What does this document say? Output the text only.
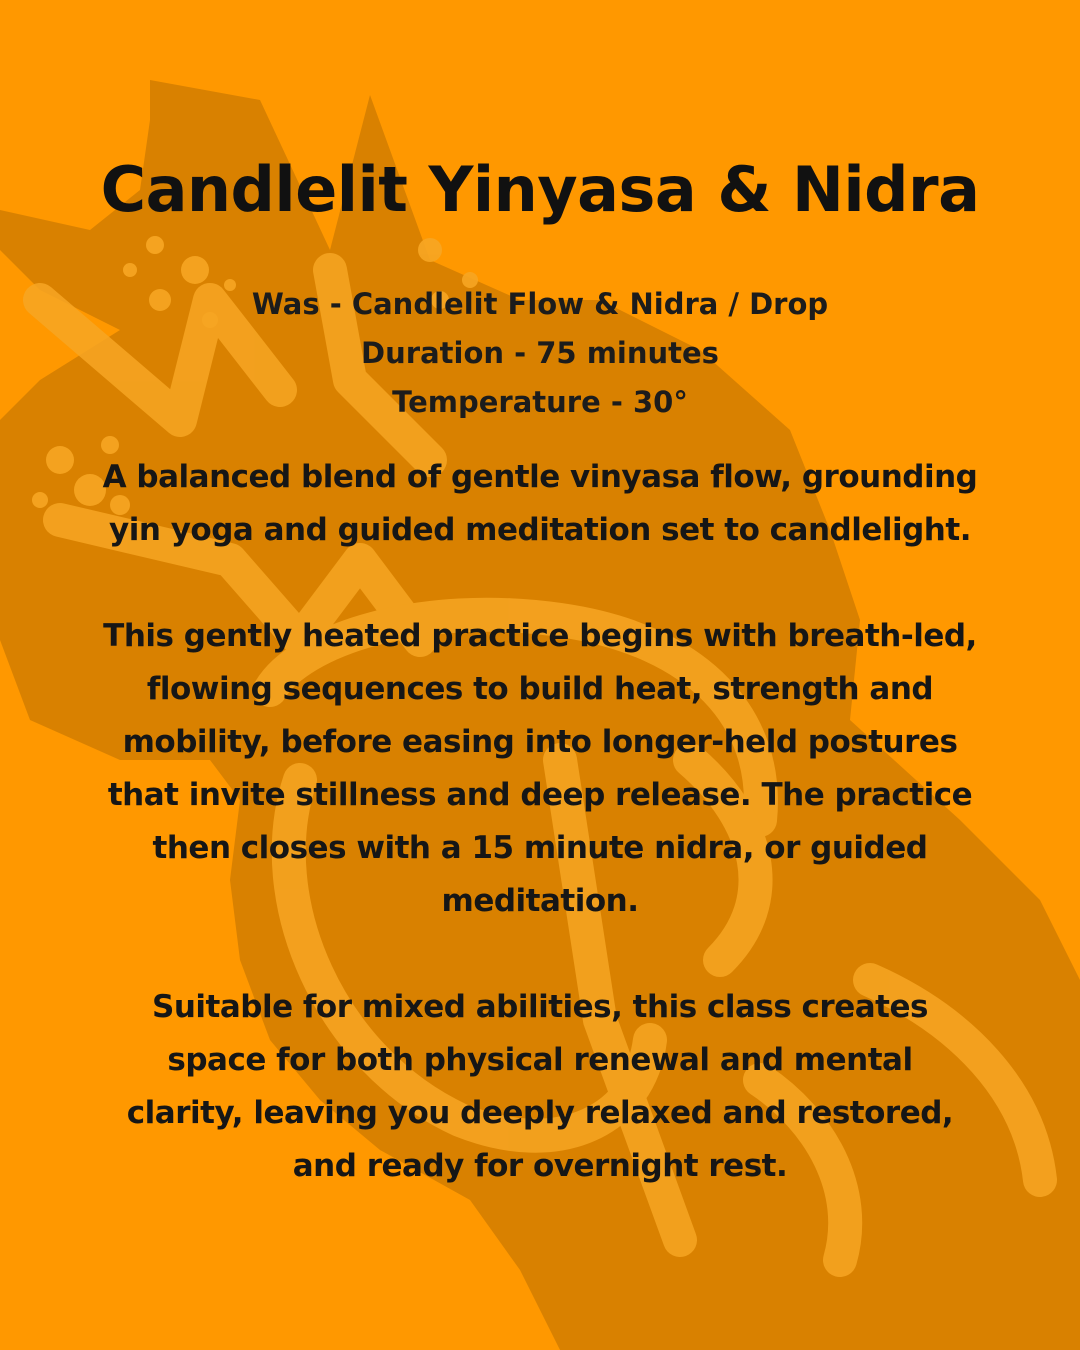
Candlelit Yinyasa & Nidra
Was - Candlelit Flow & Nidra / Drop
Duration - 75 minutes
Temperature - 30°

A balanced blend of gentle vinyasa flow, grounding yin yoga and guided meditation set to candlelight.

This gently heated practice begins with breath-led, flowing sequences to build heat, strength and mobility, before easing into longer-held postures that invite stillness and deep release. The practice then closes with a 15 minute nidra, or guided meditation.

Suitable for mixed abilities, this class creates space for both physical renewal and mental clarity, leaving you deeply relaxed and restored, and ready for overnight rest.
